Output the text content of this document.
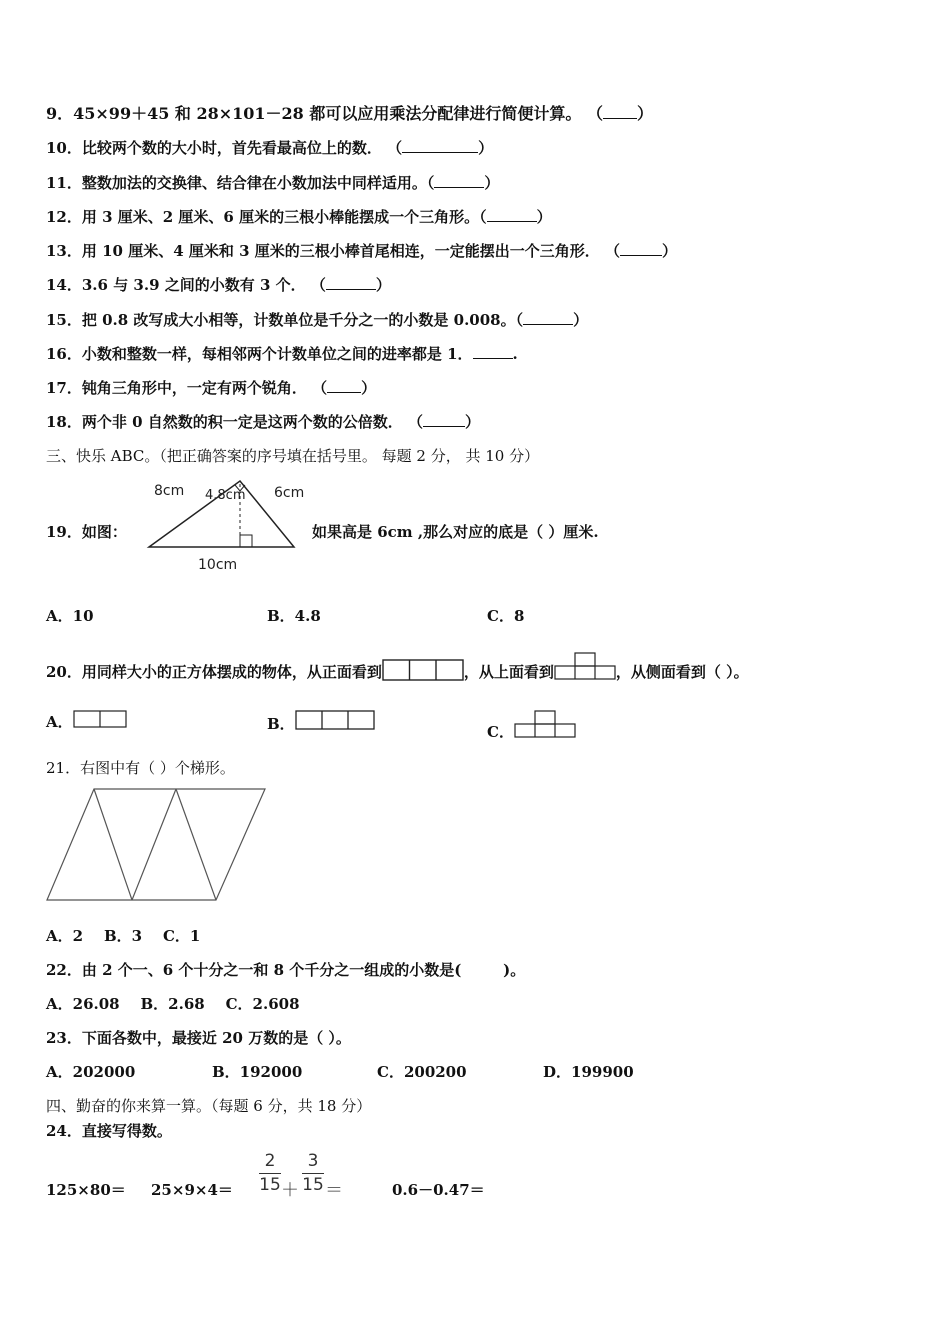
9．45×99＋45 和 28×101－28 都可以应用乘法分配律进行简便计算。 （ ）
10．比较两个数的大小时，首先看最高位上的数． （	）
11．整数加法的交换律、结合律在小数加法中同样适用。（	）
12．用 3 厘米、2 厘米、6 厘米的三根小棒能摆成一个三角形。（	）
13．用 10 厘米、4 厘米和 3 厘米的三根小棒首尾相连，一定能摆出一个三角形． （	）
14．3.6 与 3.9 之间的小数有 3 个． （	）
15．把 0.8 改写成大小相等，计数单位是千分之一的小数是 0.008。（	）
16．小数和整数一样，每相邻两个计数单位之间的进率都是 1．	.
17．钝角三角形中，一定有两个锐角． （ ）
18．两个非 0 自然数的积一定是这两个数的公倍数． （	）
三、快乐 ABC。（把正确答案的序号填在括号里。 每题 2 分， 共 10 分）
19．如图：
8cm 4.8cm 6cm
10cm
如果高是 6cm ,那么对应的底是（ ）厘米.
A．10	B．4.8	C．8
20．用同样大小的正方体摆成的物体，从正面看到	，从上面看到	，从侧面看到（ ）。
A．	B．	C．
21．右图中有（ ）个梯形。
A．2    B．3    C．1
22．由 2 个一、6 个十分之一和 8 个千分之一组成的小数是(        )。
A．26.08    B．2.68    C．2.608
23．下面各数中，最接近 20 万数的是（ ）。
A．202000	B．192000	C．200200	D．199900
四、勤奋的你来算一算。（每题 6 分，共 18 分）
24．直接写得数。
125×80＝ 25×9×4＝
2
15 ＋
3
15 ＝	0.6－0.47＝
